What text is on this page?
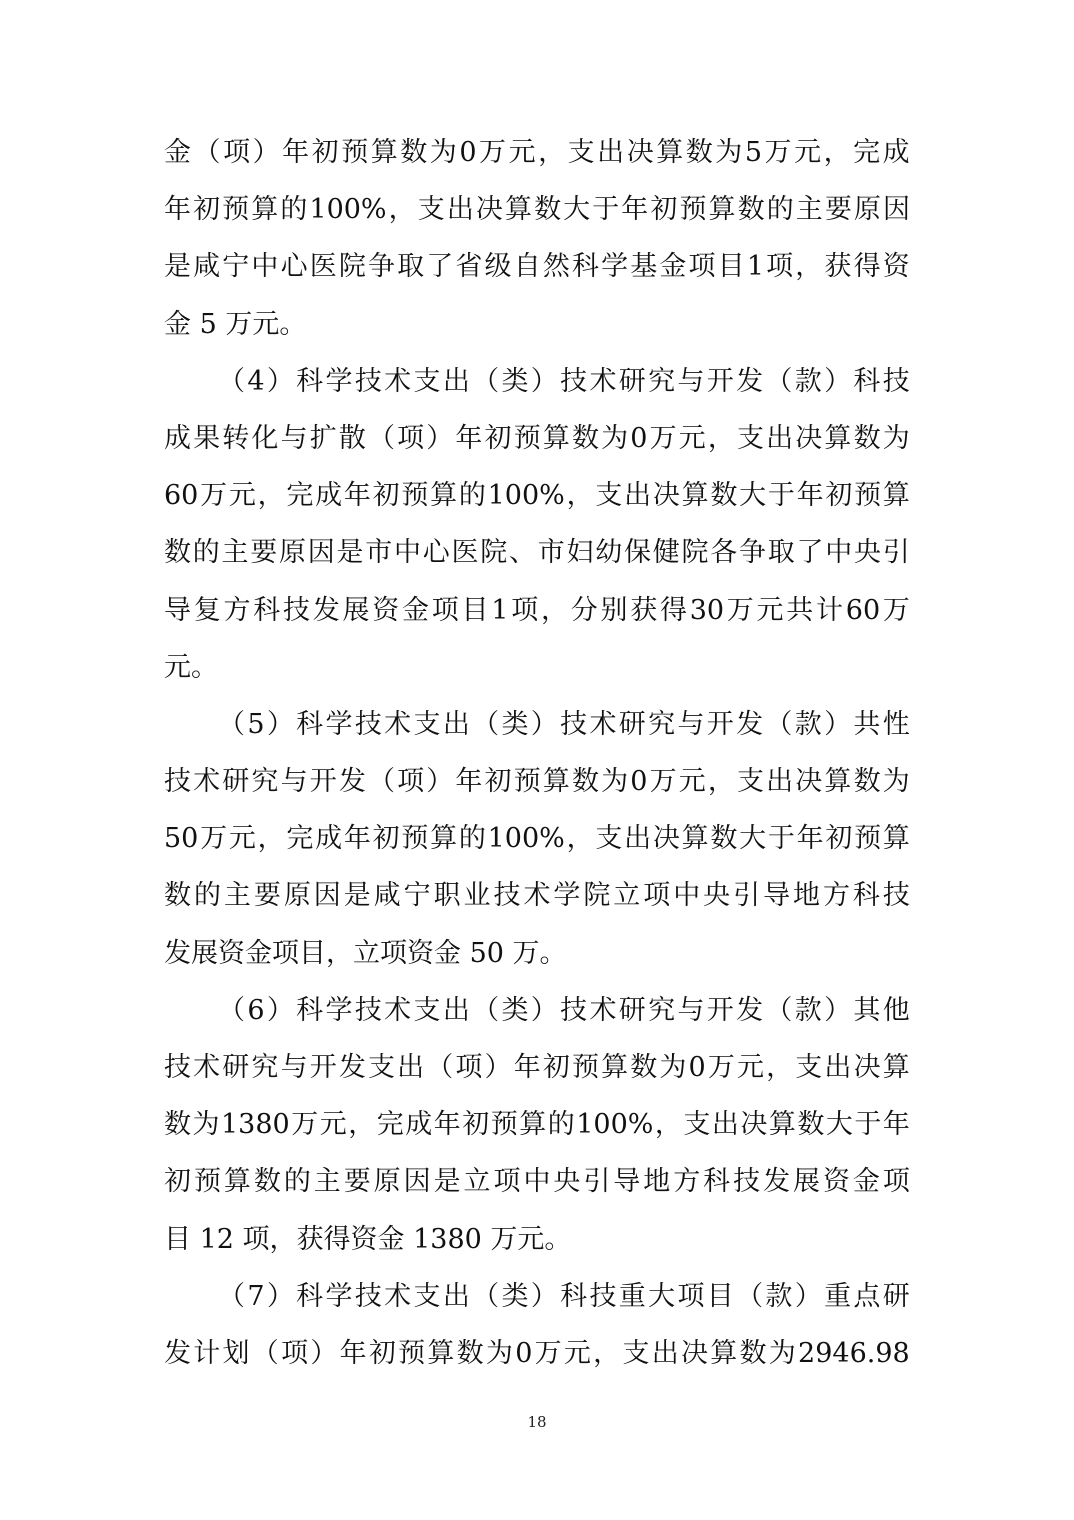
金 （ 项 ） 年 初 预 算 数 为 0 万 元 ， 支 出 决 算 数 为 5 万 元 ， 完 成
年 初 预 算 的 100% ， 支 出 决 算 数 大 于 年 初 预 算 数 的 主 要 原 因
是 咸 宁 中 心 医 院 争 取 了 省 级 自 然 科 学 基 金 项 目 1 项 ， 获 得 资
金 5 万元。
（ 4 ） 科 学 技 术 支 出 （ 类 ） 技 术 研 究 与 开 发 （ 款 ） 科 技
成 果 转 化 与 扩 散 （ 项 ） 年 初 预 算 数 为 0 万 元 ， 支 出 决 算 数 为
60 万 元 ， 完 成 年 初 预 算 的 100% ， 支 出 决 算 数 大 于 年 初 预 算
数 的 主 要 原 因 是 市 中 心 医 院 、 市 妇 幼 保 健 院 各 争 取 了 中 央 引
导 复 方 科 技 发 展 资 金 项 目 1 项 ， 分 别 获 得 30 万 元 共 计 60 万
元。
（ 5 ） 科 学 技 术 支 出 （ 类 ） 技 术 研 究 与 开 发 （ 款 ） 共 性
技 术 研 究 与 开 发 （ 项 ） 年 初 预 算 数 为 0 万 元 ， 支 出 决 算 数 为
50 万 元 ， 完 成 年 初 预 算 的 100% ， 支 出 决 算 数 大 于 年 初 预 算
数 的 主 要 原 因 是 咸 宁 职 业 技 术 学 院 立 项 中 央 引 导 地 方 科 技
发展资金项目，立项资金 50 万。
（ 6 ） 科 学 技 术 支 出 （ 类 ） 技 术 研 究 与 开 发 （ 款 ） 其 他
技 术 研 究 与 开 发 支 出 （ 项 ） 年 初 预 算 数 为 0 万 元 ， 支 出 决 算
数 为 1380 万 元 ， 完 成 年 初 预 算 的 100% ， 支 出 决 算 数 大 于 年
初 预 算 数 的 主 要 原 因 是 立 项 中 央 引 导 地 方 科 技 发 展 资 金 项
目 12 项，获得资金 1380 万元。
（ 7 ） 科 学 技 术 支 出 （ 类 ） 科 技 重 大 项 目 （ 款 ） 重 点 研
发 计 划 （ 项 ） 年 初 预 算 数 为 0 万 元 ， 支 出 决 算 数 为 2946.98
18
